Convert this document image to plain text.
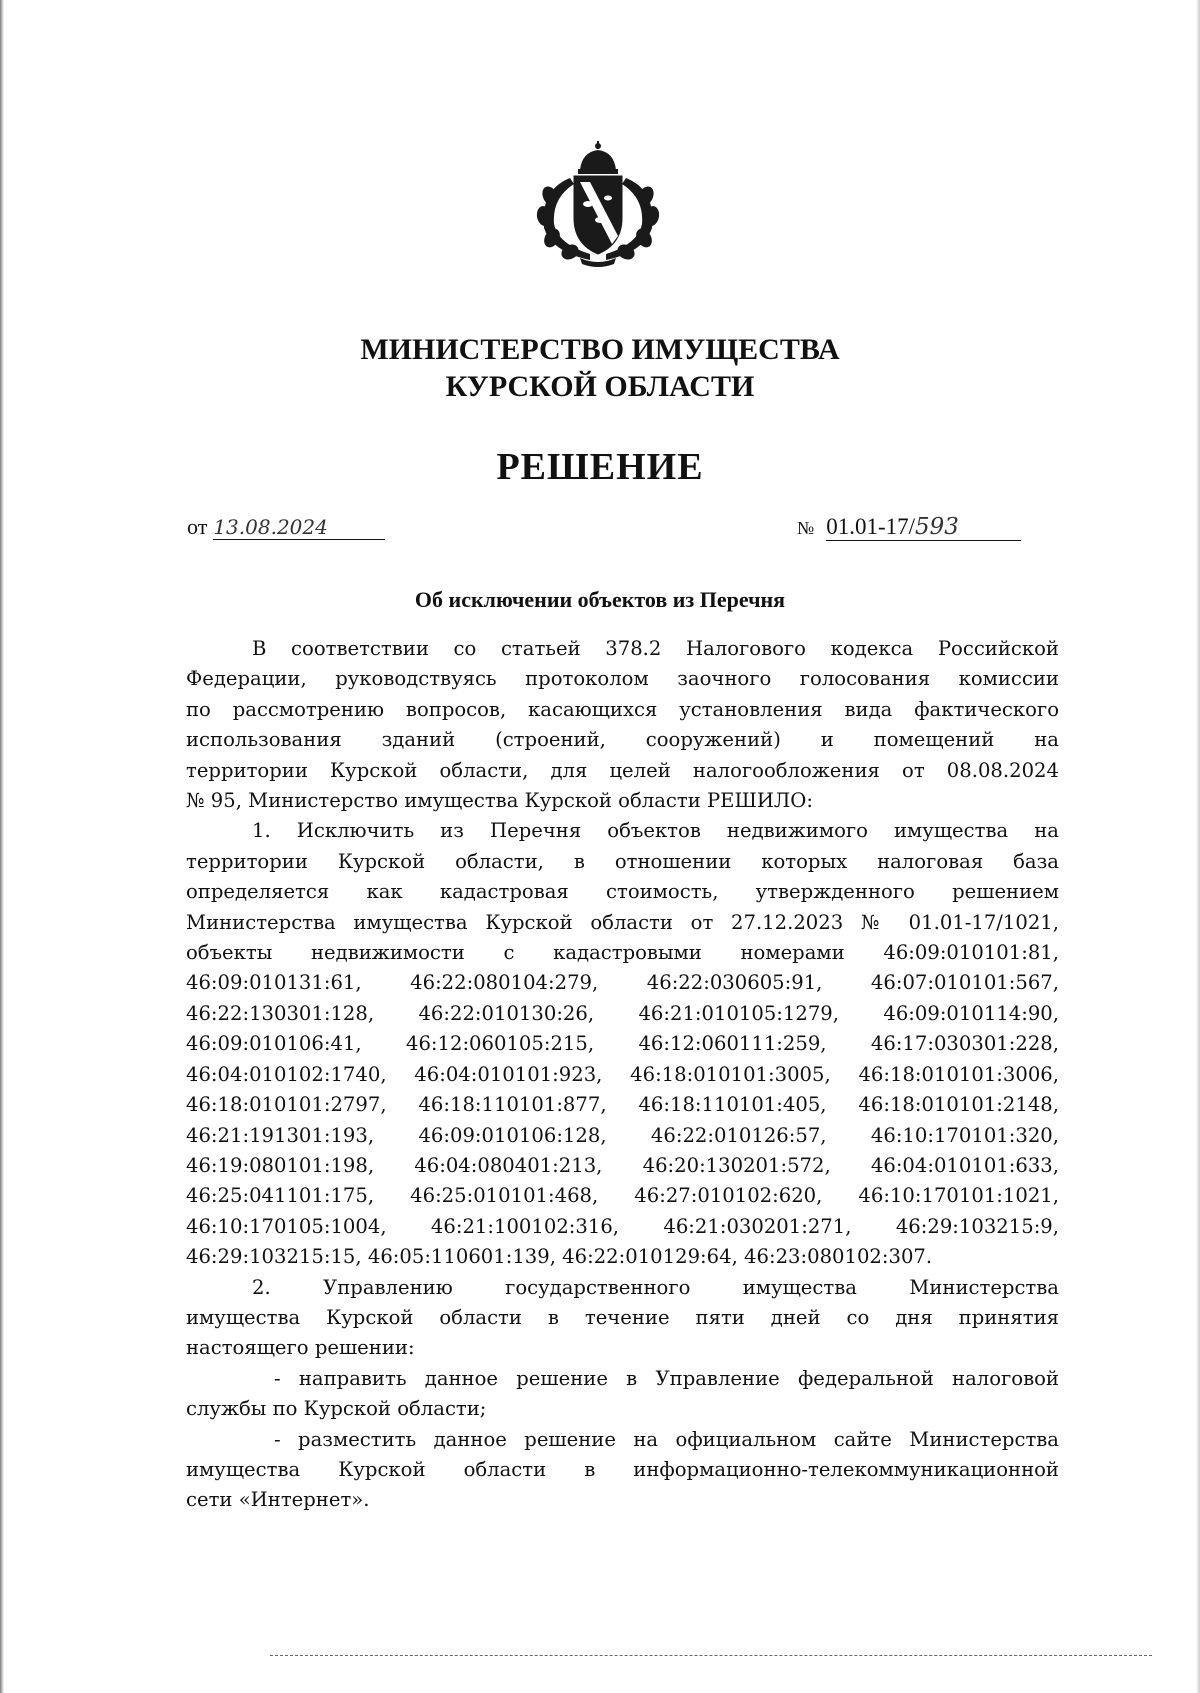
МИНИСТЕРСТВО ИМУЩЕСТВА
КУРСКОЙ ОБЛАСТИ
РЕШЕНИЕ
от 13.08.2024	№ 01.01-17/593
Об исключении объектов из Перечня

В соответствии со статьей 378.2 Налогового кодекса Российской

Федерации, руководствуясь протоколом заочного голосования комиссии

по рассмотрению вопросов, касающихся установления вида фактического

использования зданий (строений, сооружений) и помещений на

территории Курской области, для целей налогообложения от 08.08.2024

№ 95, Министерство имущества Курской области РЕШИЛО:

1. Исключить из Перечня объектов недвижимого имущества на

территории Курской области, в отношении которых налоговая база

определяется как кадастровая стоимость, утвержденного решением

Министерства имущества Курской области от 27.12.2023 № 01.01-17/1021,

объекты недвижимости с кадастровыми номерами 46:09:010101:81,

46:09:010131:61, 46:22:080104:279, 46:22:030605:91, 46:07:010101:567,

46:22:130301:128, 46:22:010130:26, 46:21:010105:1279, 46:09:010114:90,

46:09:010106:41, 46:12:060105:215, 46:12:060111:259, 46:17:030301:228,

46:04:010102:1740, 46:04:010101:923, 46:18:010101:3005, 46:18:010101:3006,

46:18:010101:2797, 46:18:110101:877, 46:18:110101:405, 46:18:010101:2148,

46:21:191301:193, 46:09:010106:128, 46:22:010126:57, 46:10:170101:320,

46:19:080101:198, 46:04:080401:213, 46:20:130201:572, 46:04:010101:633,

46:25:041101:175, 46:25:010101:468, 46:27:010102:620, 46:10:170101:1021,

46:10:170105:1004, 46:21:100102:316, 46:21:030201:271, 46:29:103215:9,

46:29:103215:15, 46:05:110601:139, 46:22:010129:64, 46:23:080102:307.

2. Управлению государственного имущества Министерства

имущества Курской области в течение пяти дней со дня принятия

настоящего решении:

- направить данное решение в Управление федеральной налоговой

службы по Курской области;

- разместить данное решение на официальном сайте Министерства

имущества Курской области в информационно-телекоммуникационной

сети «Интернет».
